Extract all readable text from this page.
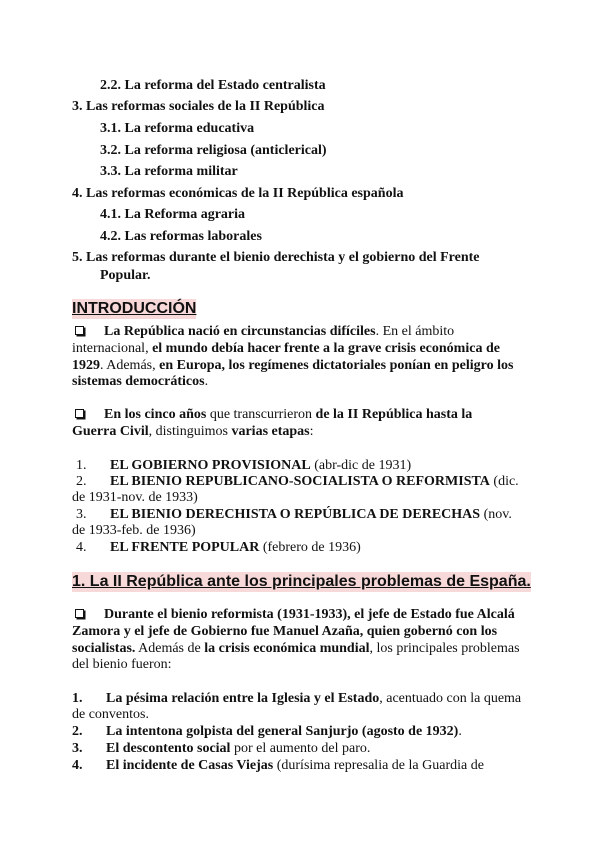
2.2. La reforma del Estado centralista
3. Las reformas sociales de la II República
3.1. La reforma educativa
3.2. La reforma religiosa (anticlerical)
3.3. La reforma militar
4. Las reformas económicas de la II República española
4.1. La Reforma agraria
4.2. Las reformas laborales
5. Las reformas durante el bienio derechista y el gobierno del Frente
Popular.
INTRODUCCIÓN
La República nació en circunstancias difíciles. En el ámbito
internacional, el mundo debía hacer frente a la grave crisis económica de
1929. Además, en Europa, los regímenes dictatoriales ponían en peligro los
sistemas democráticos.
En los cinco años que transcurrieron de la II República hasta la
Guerra Civil, distinguimos varias etapas:
1. EL GOBIERNO PROVISIONAL (abr-dic de 1931)
2. EL BIENIO REPUBLICANO-SOCIALISTA O REFORMISTA (dic.
de 1931-nov. de 1933)
3. EL BIENIO DERECHISTA O REPÚBLICA DE DERECHAS (nov.
de 1933-feb. de 1936)
4. EL FRENTE POPULAR (febrero de 1936)
1. La II República ante los principales problemas de España.
Durante el bienio reformista (1931-1933), el jefe de Estado fue Alcalá
Zamora y el jefe de Gobierno fue Manuel Azaña, quien gobernó con los
socialistas. Además de la crisis económica mundial, los principales problemas
del bienio fueron:
1. La pésima relación entre la Iglesia y el Estado, acentuado con la quema
de conventos.
2. La intentona golpista del general Sanjurjo (agosto de 1932).
3. El descontento social por el aumento del paro.
4. El incidente de Casas Viejas (durísima represalia de la Guardia de
